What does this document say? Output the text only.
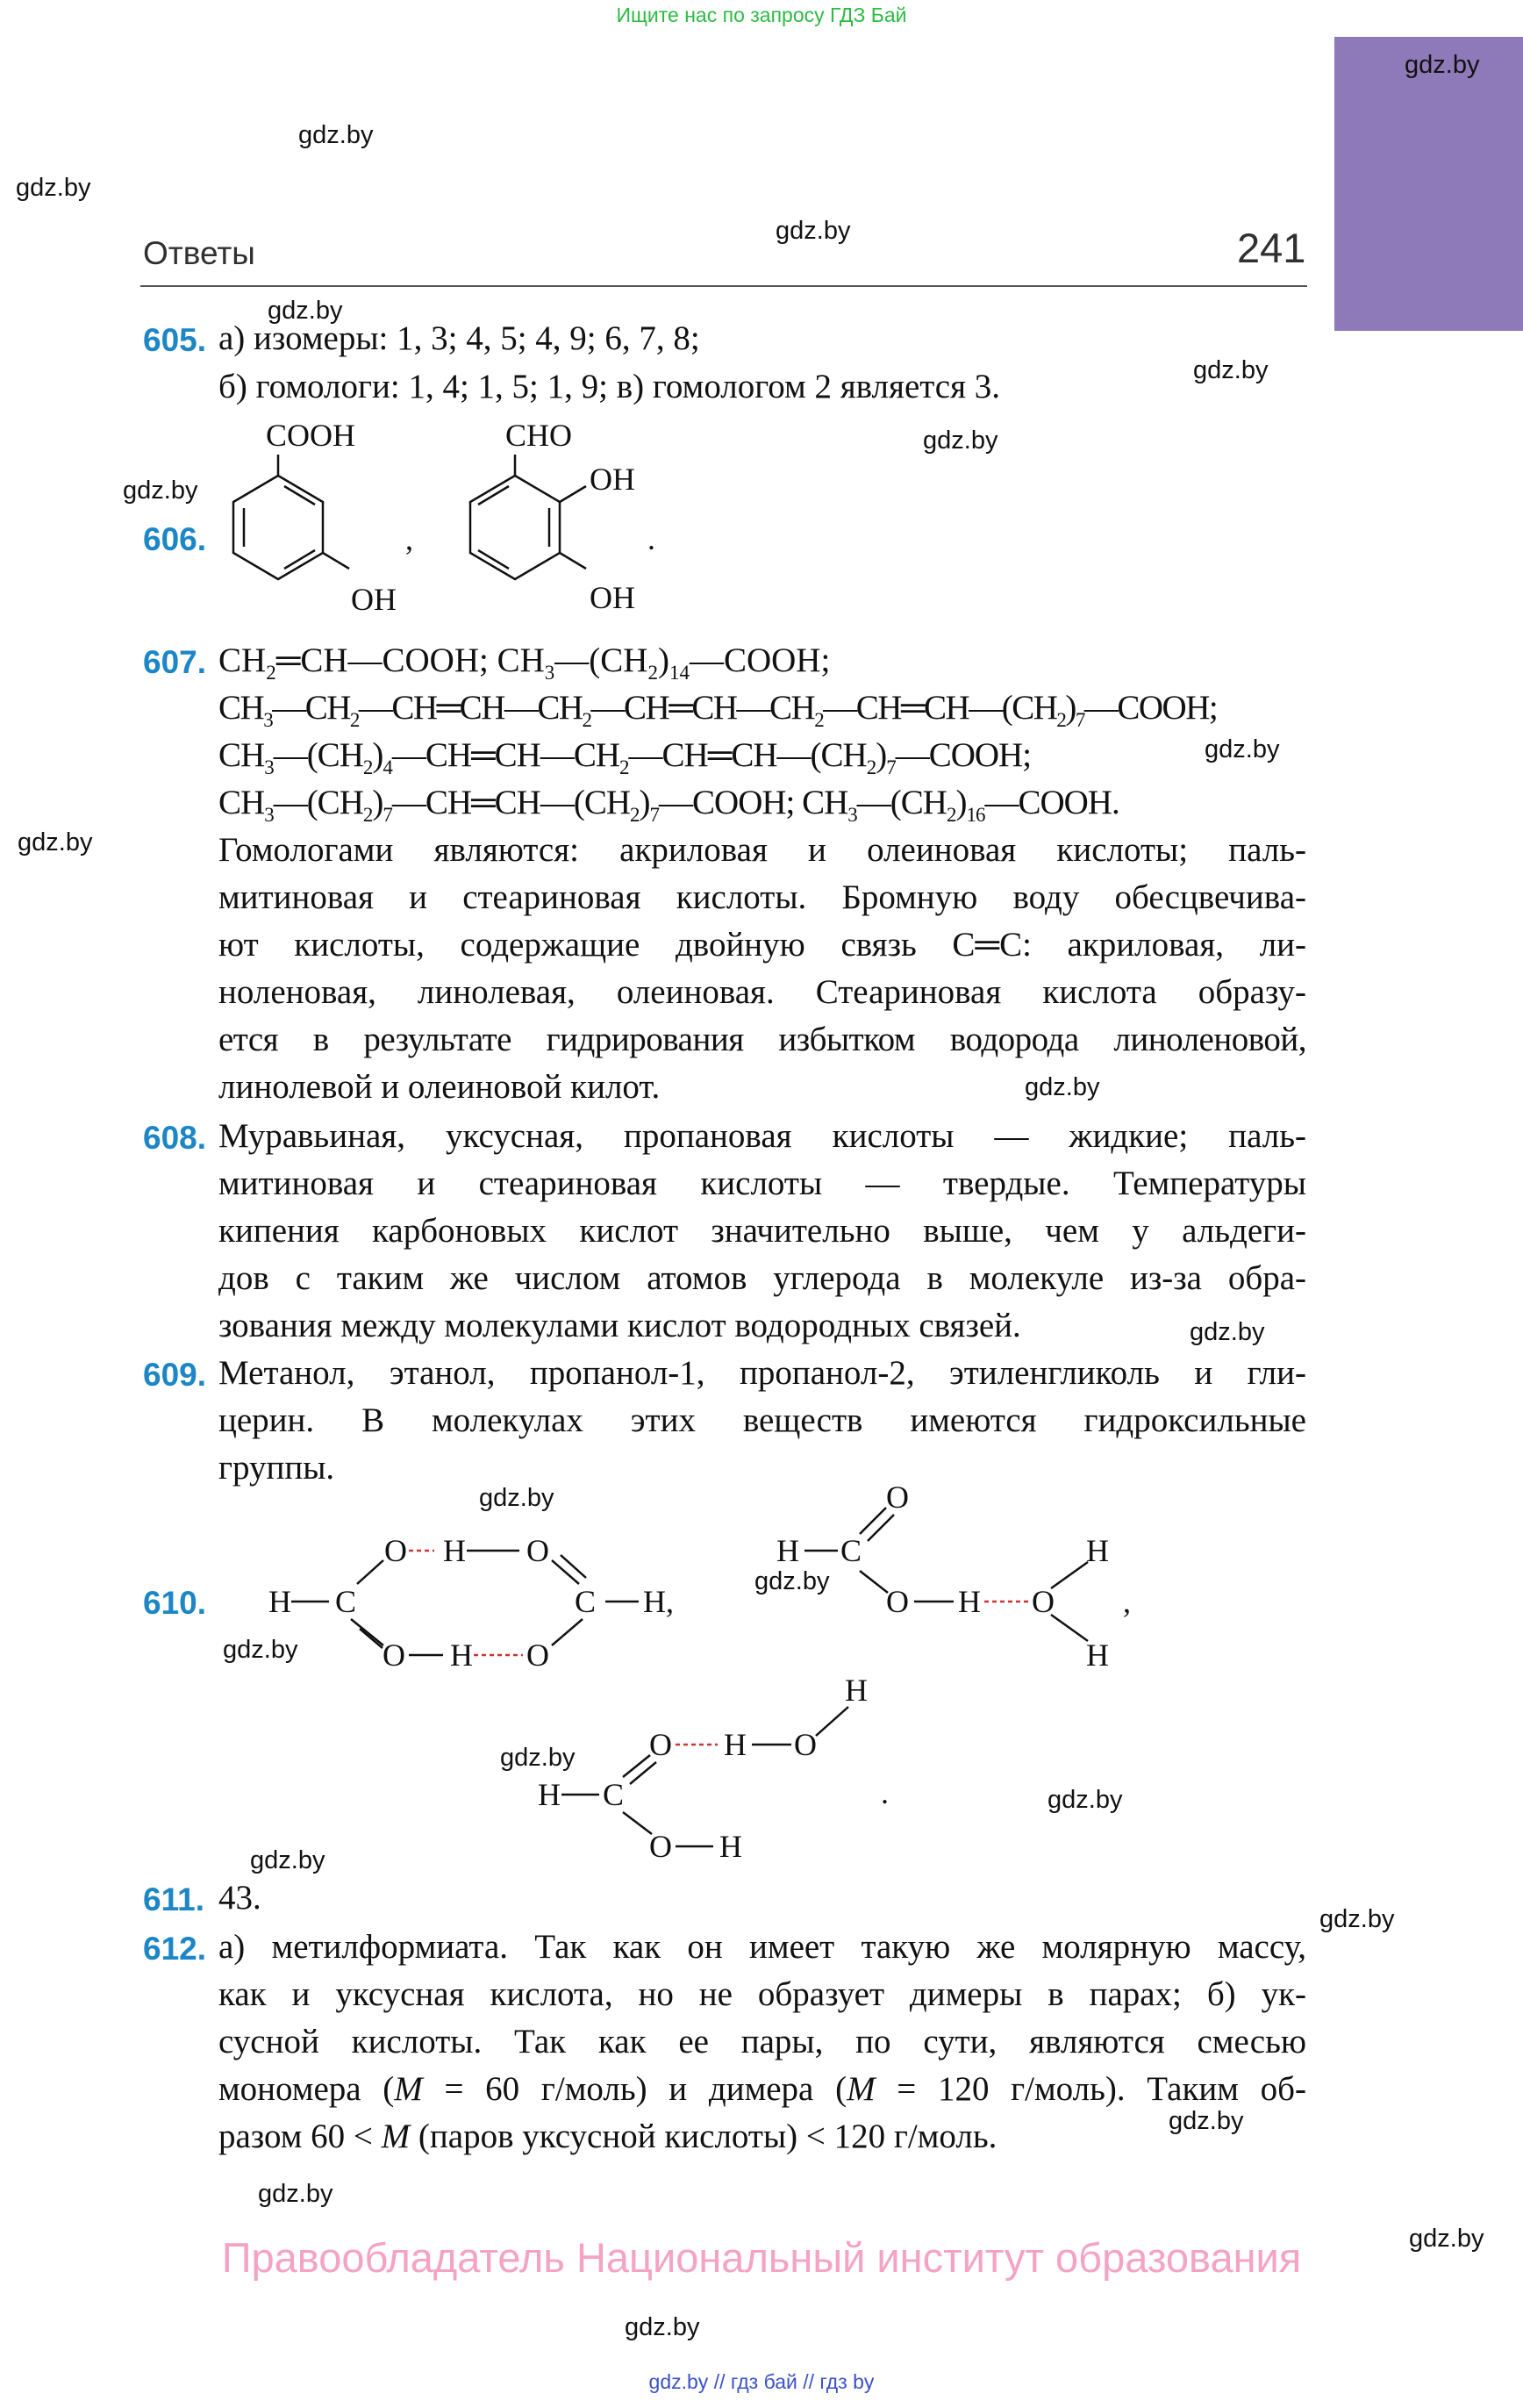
Ищите нас по запросу ГДЗ Бай
gdz.by
gdz.by
gdz.by
gdz.by
gdz.by
gdz.by
gdz.by
gdz.by
gdz.by
gdz.by
gdz.by
gdz.by
gdz.by
gdz.by
gdz.by
gdz.by
gdz.by
gdz.by
gdz.by
gdz.by
gdz.by
gdz.by
gdz.by
Ответы	241
605. а) изомеры: 1, 3; 4, 5; 4, 9; 6, 7, 8;
б) гомологи: 1, 4; 1, 5; 1, 9; в) гомологом 2 является 3.
606.
COOH
OH
,
CHO
OH
OH
.
607. $CH_2═CH—COOH$; $CH_3—(CH_2)_{14}—COOH$;
$CH_3—CH_2—CH═CH—CH_2—CH═CH—CH_2—CH═CH—(CH_2)_7—COOH$;
$CH_3—(CH_2)_4—CH═CH—CH_2—CH═CH—(CH_2)_7—COOH$;
$CH_3—(CH_2)_7—CH═CH—(CH_2)_7—COOH$; $CH_3—(CH_2)_{16}—COOH$.
Гомологами являются: акриловая и олеиновая кислоты; паль-
митиновая и стеариновая кислоты. Бромную воду обесцвечива-
ют кислоты, содержащие двойную связь C═C: акриловая, ли-
ноленовая, линолевая, олеиновая. Стеариновая кислота образу-
ется в результате гидрирования избытком водорода линоленовой,
линолевой и олеиновой килот.
608. Муравьиная, уксусная, пропановая кислоты — жидкие; паль-
митиновая и стеариновая кислоты — твердые. Температуры
кипения карбоновых кислот значительно выше, чем у альдеги-
дов с таким же числом атомов углерода в молекуле из-за обра-
зования между молекулами кислот водородных связей.
609. Метанол, этанол, пропанол-1, пропанол-2, этиленгликоль и гли-
церин. В молекулах этих веществ имеются гидроксильные
группы.
610. H C
O H O
C H,
O H O
O
H C
O H O
H
H
,
H
O H O
H C
O H
.
611. 43.
612. а) метилформиата. Так как он имеет такую же молярную массу,
как и уксусная кислота, но не образует димеры в парах; б) ук-
сусной кислоты. Так как ее пары, по сути, являются смесью
мономера (M = 60 г/моль) и димера (M = 120 г/моль). Таким об-
разом 60 < M (паров уксусной кислоты) < 120 г/моль.
Правообладатель Национальный институт образования
gdz.by // гдз бай // гдз by
